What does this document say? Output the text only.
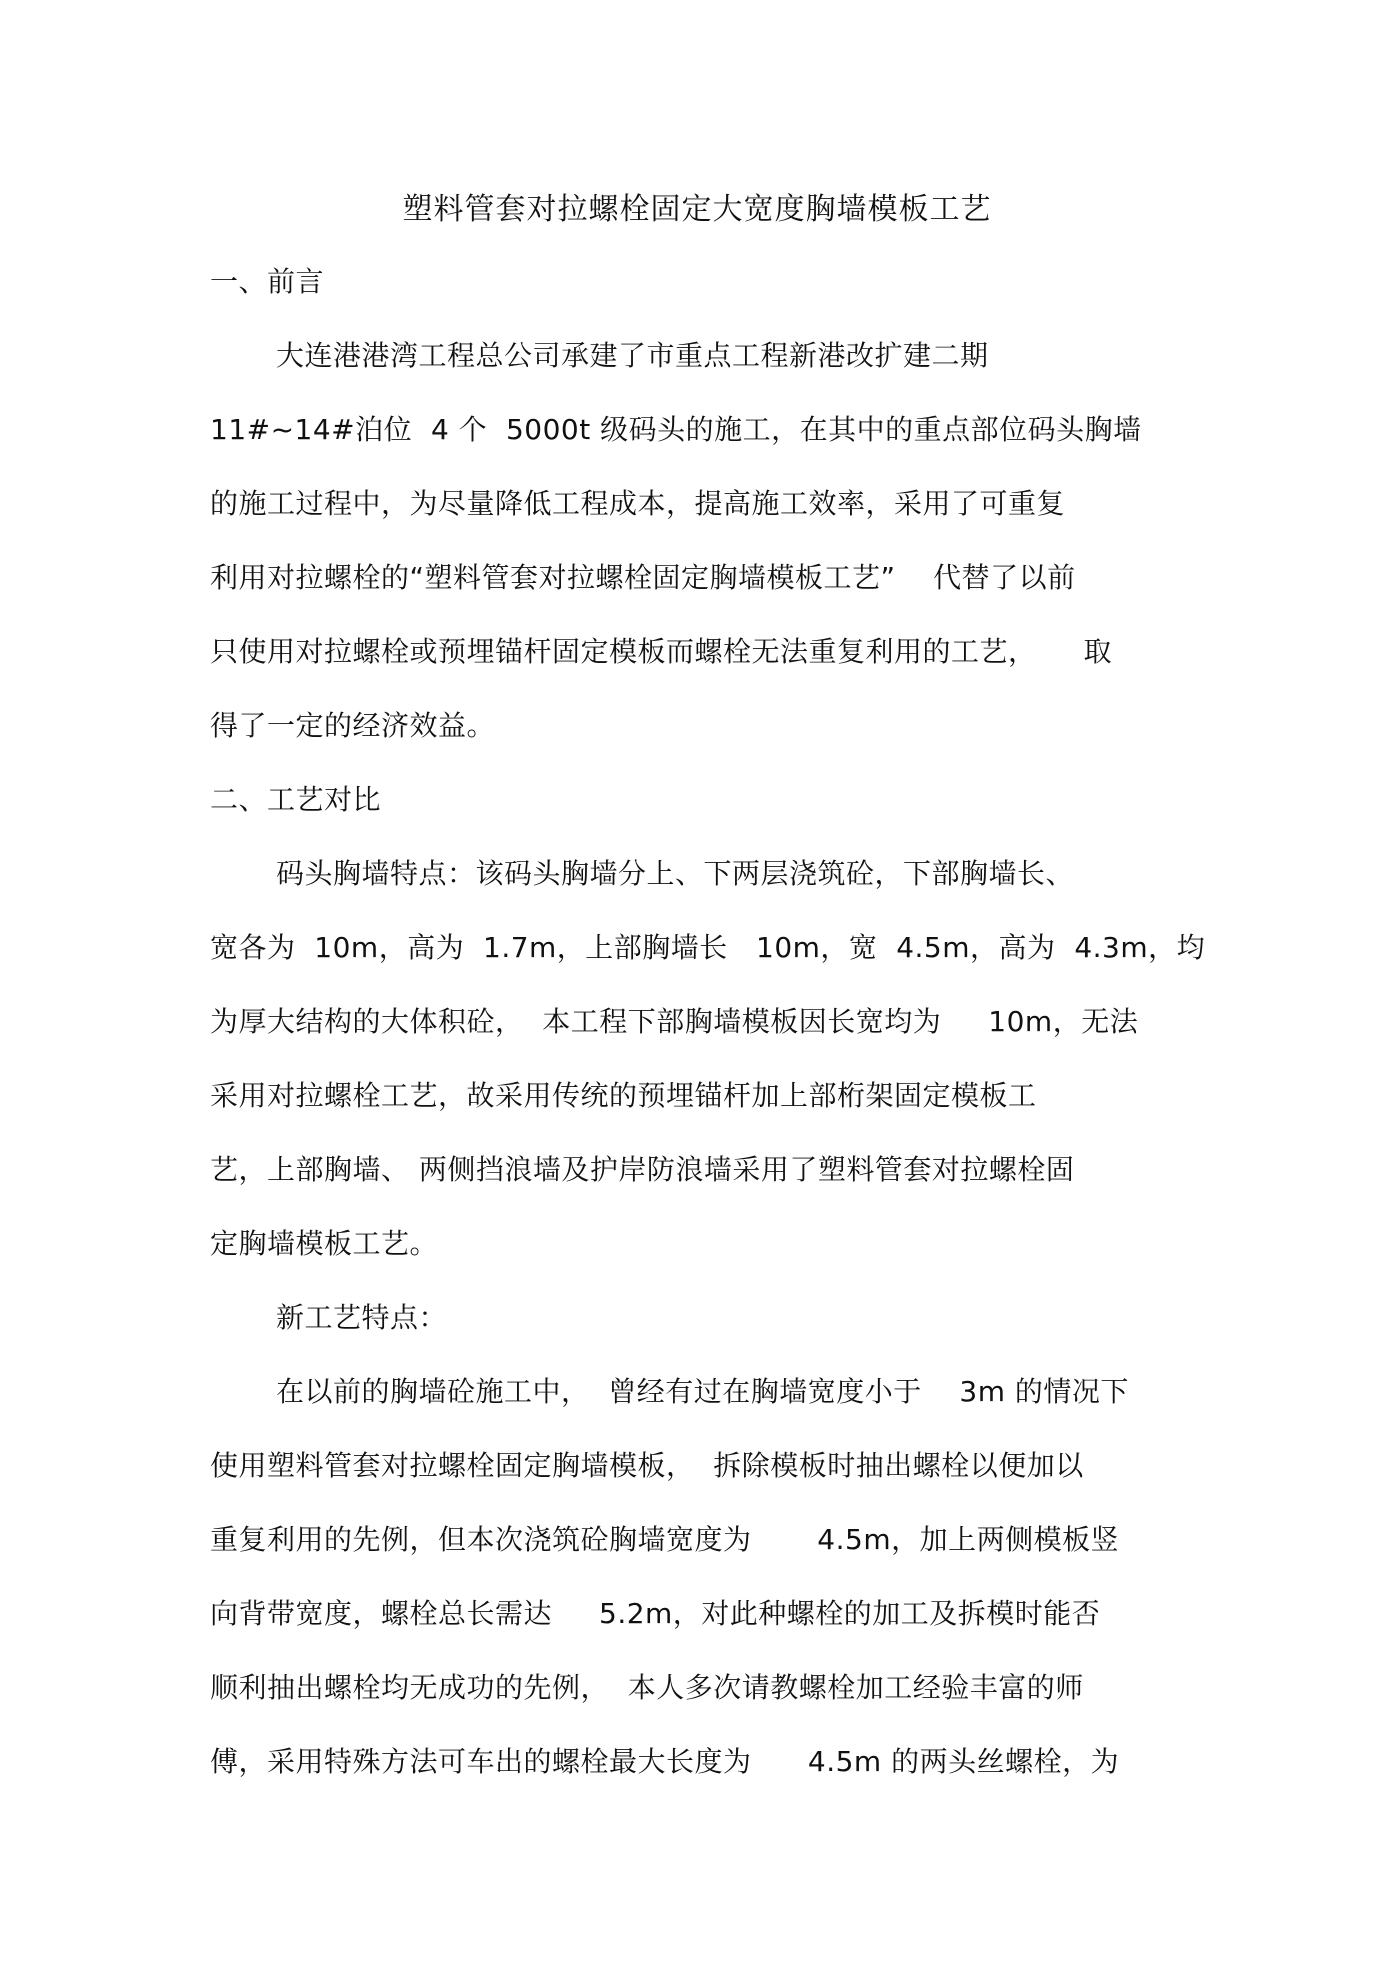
塑料管套对拉螺栓固定大宽度胸墙模板工艺
一、前言
大连港港湾工程总公司承建了市重点工程新港改扩建二期
11#~14#泊位  4 个  5000t 级码头的施工，在其中的重点部位码头胸墙
的施工过程中，为尽量降低工程成本，提高施工效率，采用了可重复
利用对拉螺栓的“塑料管套对拉螺栓固定胸墙模板工艺”    代替了以前
只使用对拉螺栓或预埋锚杆固定模板而螺栓无法重复利用的工艺，     取
得了一定的经济效益。
二、工艺对比
码头胸墙特点：该码头胸墙分上、下两层浇筑砼，下部胸墙长、
宽各为  10m，高为  1.7m，上部胸墙长   10m，宽  4.5m，高为  4.3m，均
为厚大结构的大体积砼，  本工程下部胸墙模板因长宽均为     10m，无法
采用对拉螺栓工艺，故采用传统的预埋锚杆加上部桁架固定模板工
艺，上部胸墙、 两侧挡浪墙及护岸防浪墙采用了塑料管套对拉螺栓固
定胸墙模板工艺。
新工艺特点：
在以前的胸墙砼施工中，  曾经有过在胸墙宽度小于    3m 的情况下
使用塑料管套对拉螺栓固定胸墙模板，  拆除模板时抽出螺栓以便加以
重复利用的先例，但本次浇筑砼胸墙宽度为       4.5m，加上两侧模板竖
向背带宽度，螺栓总长需达     5.2m，对此种螺栓的加工及拆模时能否
顺利抽出螺栓均无成功的先例，  本人多次请教螺栓加工经验丰富的师
傅，采用特殊方法可车出的螺栓最大长度为      4.5m 的两头丝螺栓，为
